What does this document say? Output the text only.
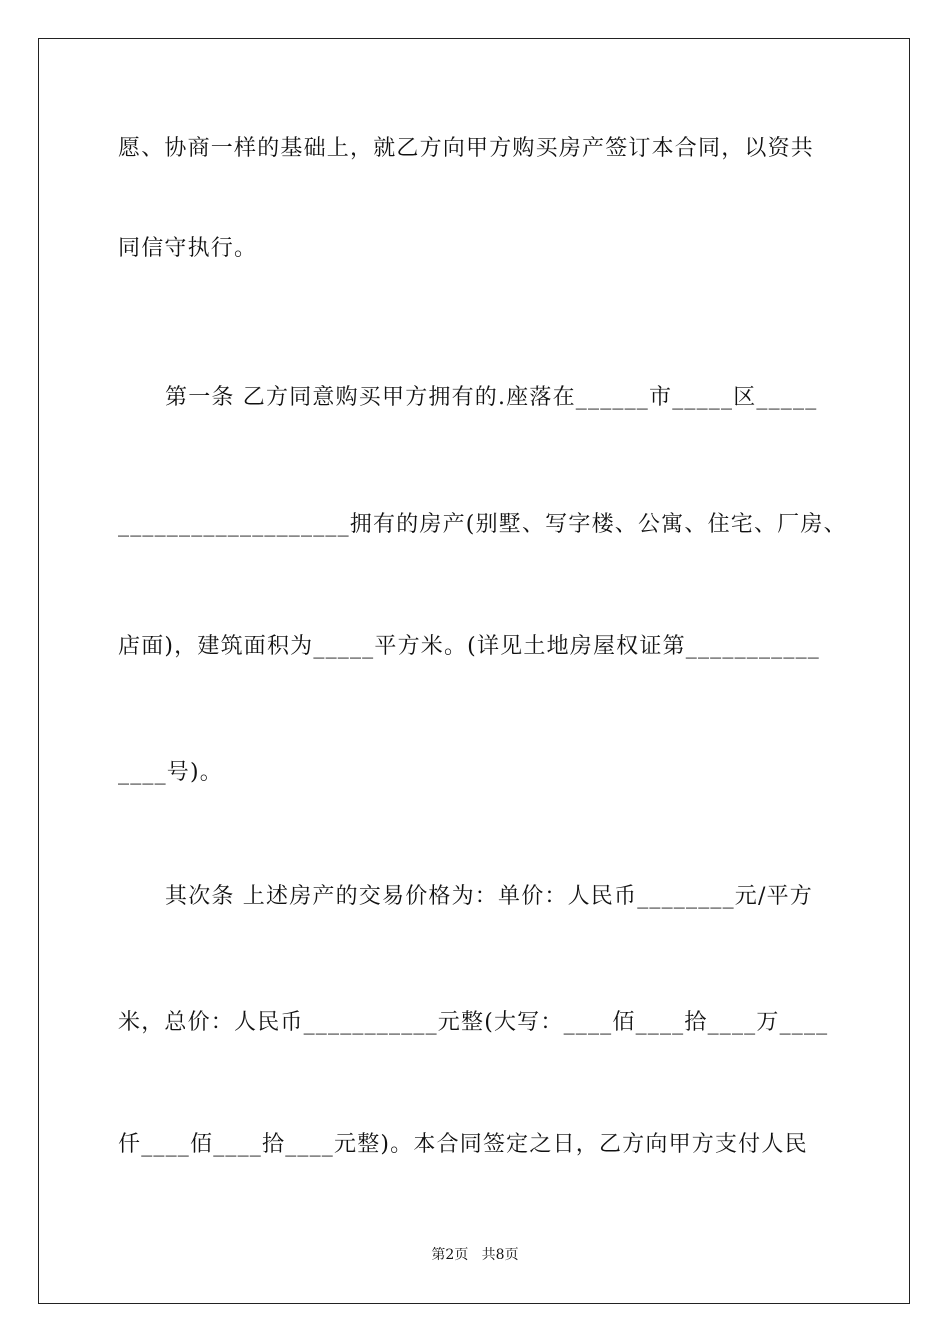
愿、协商一样的基础上，就乙方向甲方购买房产签订本合同，以资共
同信守执行。
第一条 乙方同意购买甲方拥有的.座落在______市_____区_____
___________________拥有的房产(别墅、写字楼、公寓、住宅、厂房、
店面)，建筑面积为_____平方米。(详见土地房屋权证第___________
____号)。
其次条 上述房产的交易价格为：单价：人民币________元/平方
米，总价：人民币___________元整(大写：____佰____拾____万____
仟____佰____拾____元整)。本合同签定之日，乙方向甲方支付人民
第2页   共8页
